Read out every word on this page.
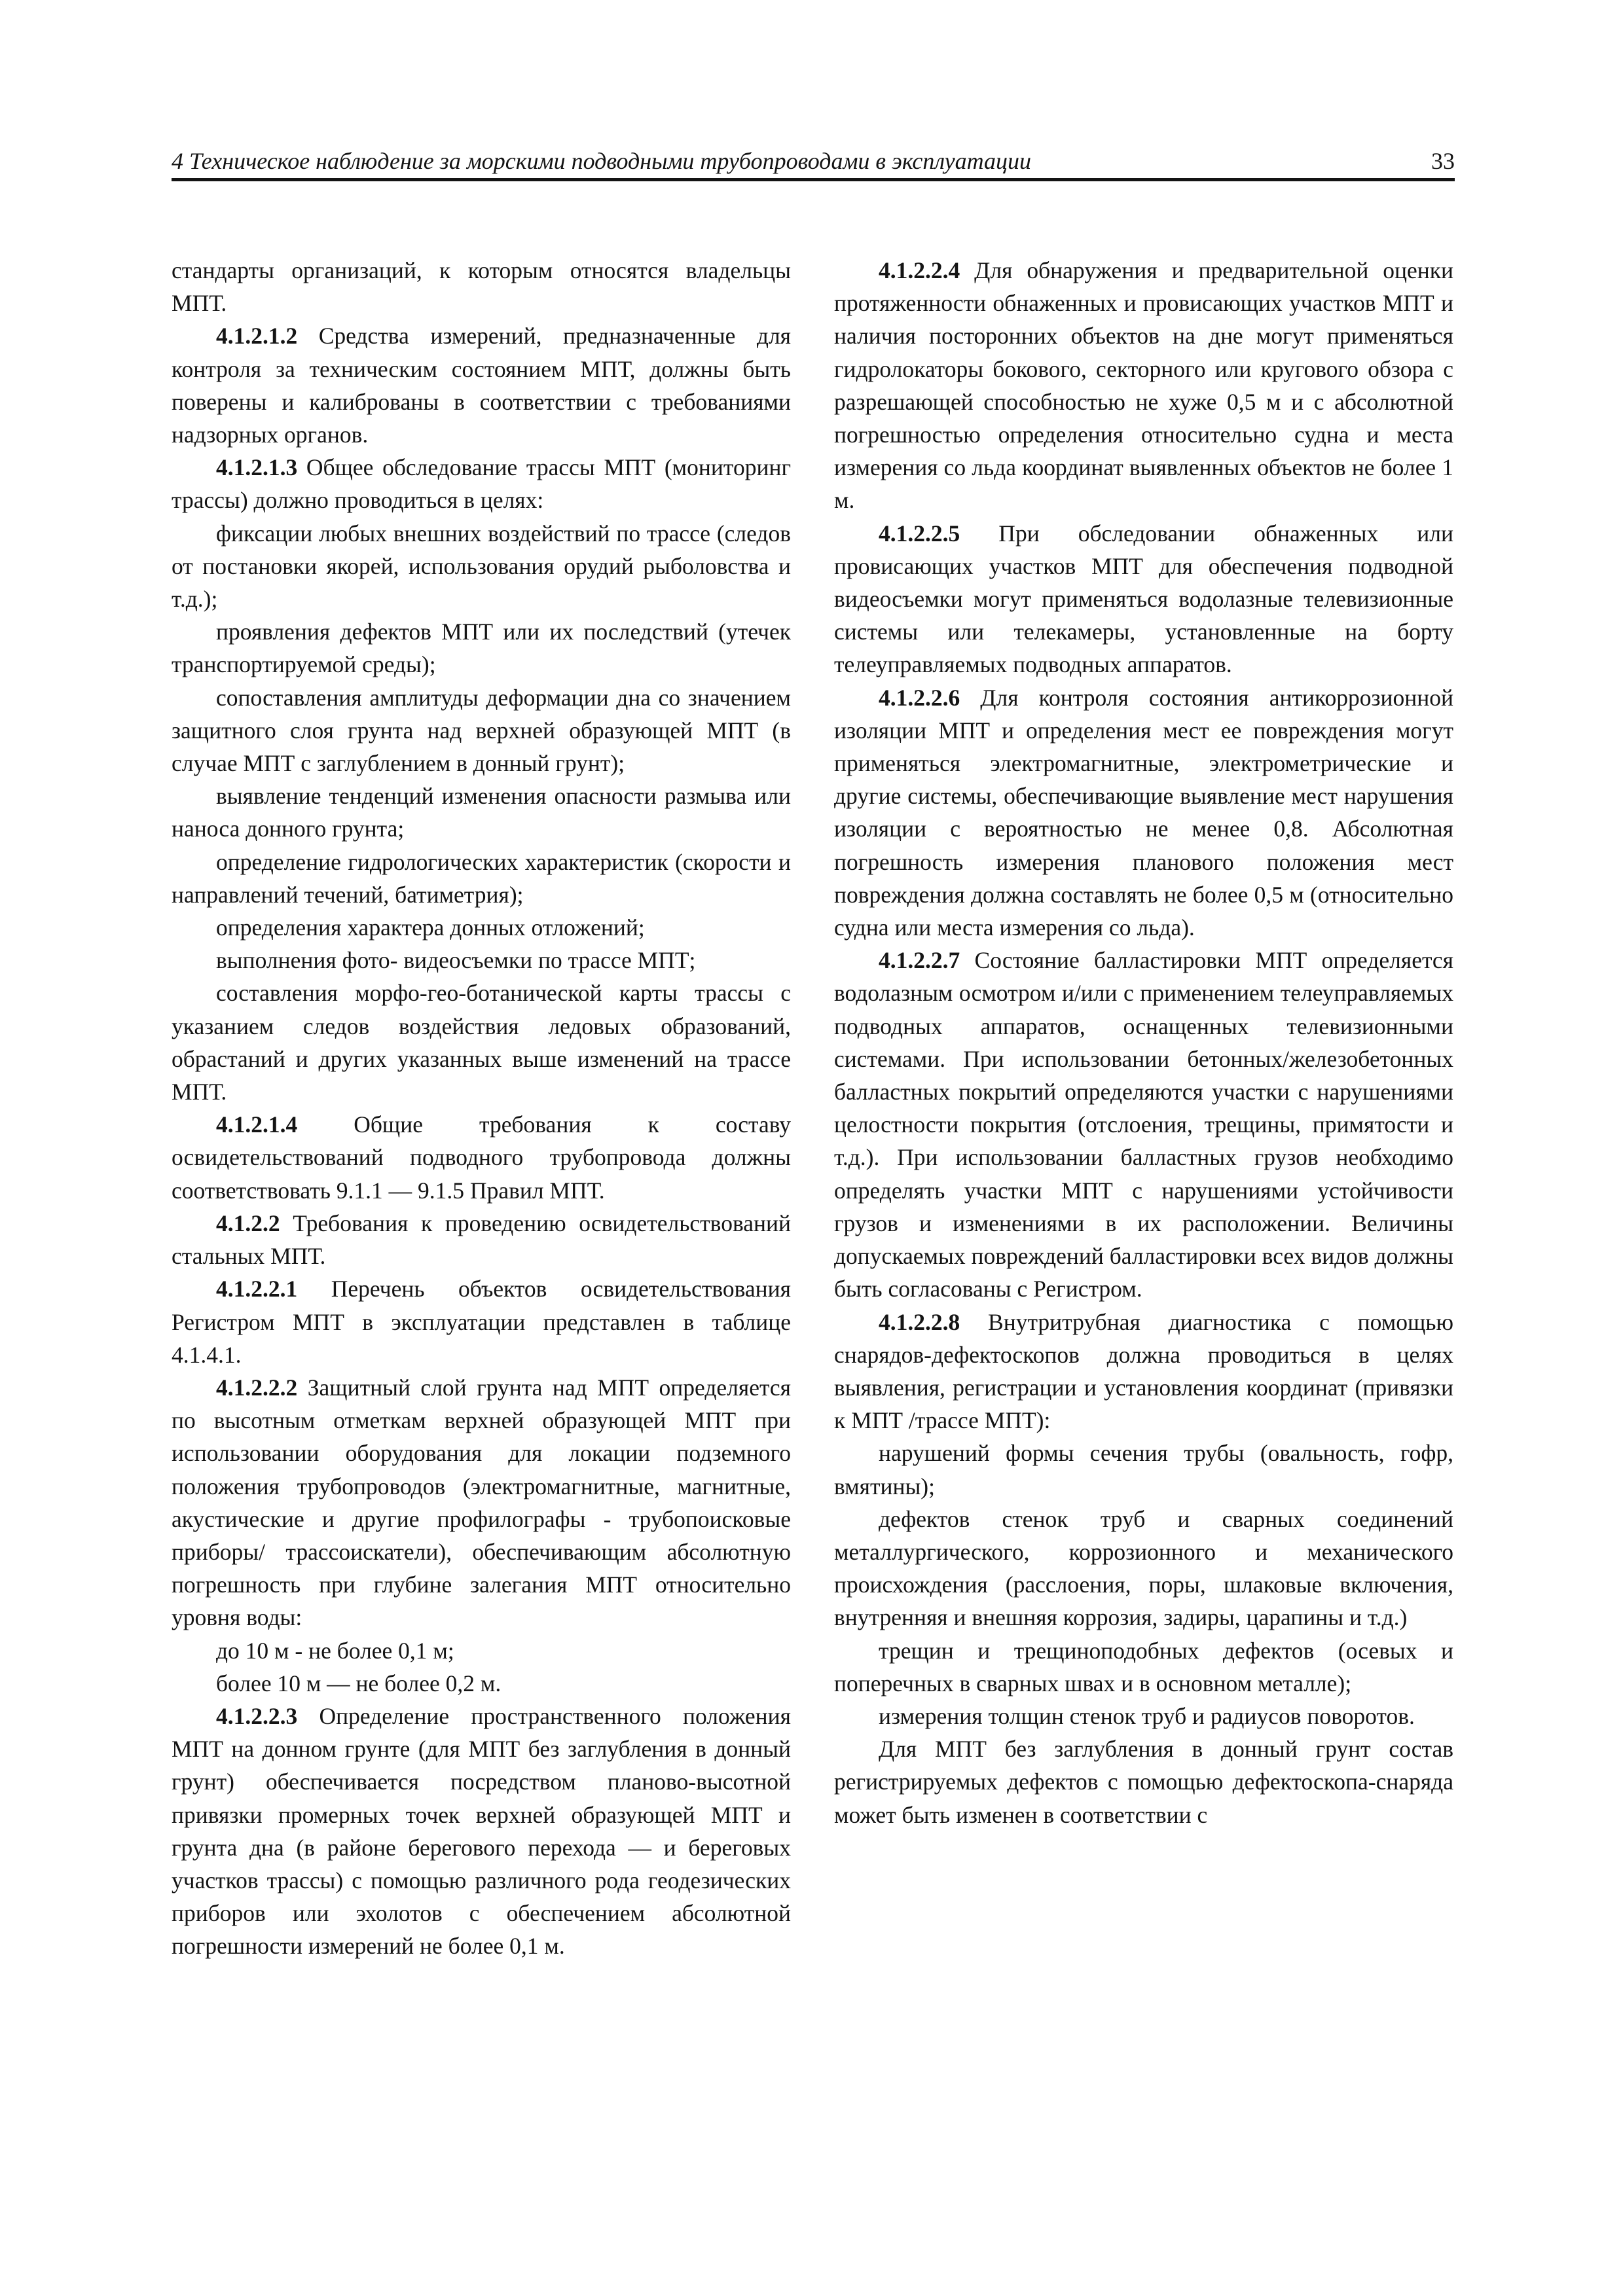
4 Техническое наблюдение за морскими подводными трубопроводами в эксплуатации	33

стандарты организаций, к которым относятся владельцы МПТ.

4.1.2.1.2 Средства измерений, предназначенные для контроля за техническим состоянием МПТ, должны быть поверены и калиброваны в соответствии с требованиями надзорных органов.

4.1.2.1.3 Общее обследование трассы МПТ (мониторинг трассы) должно проводиться в целях:

фиксации любых внешних воздействий по трассе (следов от постановки якорей, использования орудий рыболовства и т.д.);

проявления дефектов МПТ или их последствий (утечек транспортируемой среды);

сопоставления амплитуды деформации дна со значением защитного слоя грунта над верхней образующей МПТ (в случае МПТ с заглублением в донный грунт);

выявление тенденций изменения опасности размыва или наноса донного грунта;

определение гидрологических характеристик (скорости и направлений течений, батиметрия);

определения характера донных отложений;

выполнения фото- видеосъемки по трассе МПТ;

составления морфо-гео-ботанической карты трассы с указанием следов воздействия ледовых образований, обрастаний и других указанных выше изменений на трассе МПТ.

4.1.2.1.4 Общие требования к составу освидетельствований подводного трубопровода должны соответствовать 9.1.1 — 9.1.5 Правил МПТ.

4.1.2.2 Требования к проведению освидетельствований стальных МПТ.

4.1.2.2.1 Перечень объектов освидетельствования Регистром МПТ в эксплуатации представлен в таблице 4.1.4.1.

4.1.2.2.2 Защитный слой грунта над МПТ определяется по высотным отметкам верхней образующей МПТ при использовании оборудования для локации подземного положения трубопроводов (электромагнитные, магнитные, акустические и другие профилографы - трубопоисковые приборы/ трассоискатели), обеспечивающим абсолютную погрешность при глубине залегания МПТ относительно уровня воды:

до 10 м - не более 0,1 м;

более 10 м — не более 0,2 м.

4.1.2.2.3 Определение пространственного положения МПТ на донном грунте (для МПТ без заглубления в донный грунт) обеспечивается посредством планово-высотной привязки промерных точек верхней образующей МПТ и грунта дна (в районе берегового перехода — и береговых участков трассы) с помощью различного рода геодезических приборов или эхолотов с обеспечением абсолютной погрешности измерений не более 0,1 м.

4.1.2.2.4 Для обнаружения и предварительной оценки протяженности обнаженных и провисающих участков МПТ и наличия посторонних объектов на дне могут применяться гидролокаторы бокового, секторного или кругового обзора с разрешающей способностью не хуже 0,5 м и с абсолютной погрешностью определения относительно судна и места измерения со льда координат выявленных объектов не более 1 м.

4.1.2.2.5 При обследовании обнаженных или провисающих участков МПТ для обеспечения подводной видеосъемки могут применяться водолазные телевизионные системы или телекамеры, установленные на борту телеуправляемых подводных аппаратов.

4.1.2.2.6 Для контроля состояния антикоррозионной изоляции МПТ и определения мест ее повреждения могут применяться электромагнитные, электрометрические и другие системы, обеспечивающие выявление мест нарушения изоляции с вероятностью не менее 0,8. Абсолютная погрешность измерения планового положения мест повреждения должна составлять не более 0,5 м (относительно судна или места измерения со льда).

4.1.2.2.7 Состояние балластировки МПТ определяется водолазным осмотром и/или с применением телеуправляемых подводных аппаратов, оснащенных телевизионными системами. При использовании бетонных/железобетонных балластных покрытий определяются участки с нарушениями целостности покрытия (отслоения, трещины, примятости и т.д.). При использовании балластных грузов необходимо определять участки МПТ с нарушениями устойчивости грузов и изменениями в их расположении. Величины допускаемых повреждений балластировки всех видов должны быть согласованы с Регистром.

4.1.2.2.8 Внутритрубная диагностика с помощью снарядов-дефектоскопов должна проводиться в целях выявления, регистрации и установления координат (привязки к МПТ /трассе МПТ):

нарушений формы сечения трубы (овальность, гофр, вмятины);

дефектов стенок труб и сварных соединений металлургического, коррозионного и механического происхождения (расслоения, поры, шлаковые включения, внутренняя и внешняя коррозия, задиры, царапины и т.д.)

трещин и трещиноподобных дефектов (осевых и поперечных в сварных швах и в основном металле);

измерения толщин стенок труб и радиусов поворотов.

Для МПТ без заглубления в донный грунт состав регистрируемых дефектов с помощью дефектоскопа-снаряда может быть изменен в соответствии с
